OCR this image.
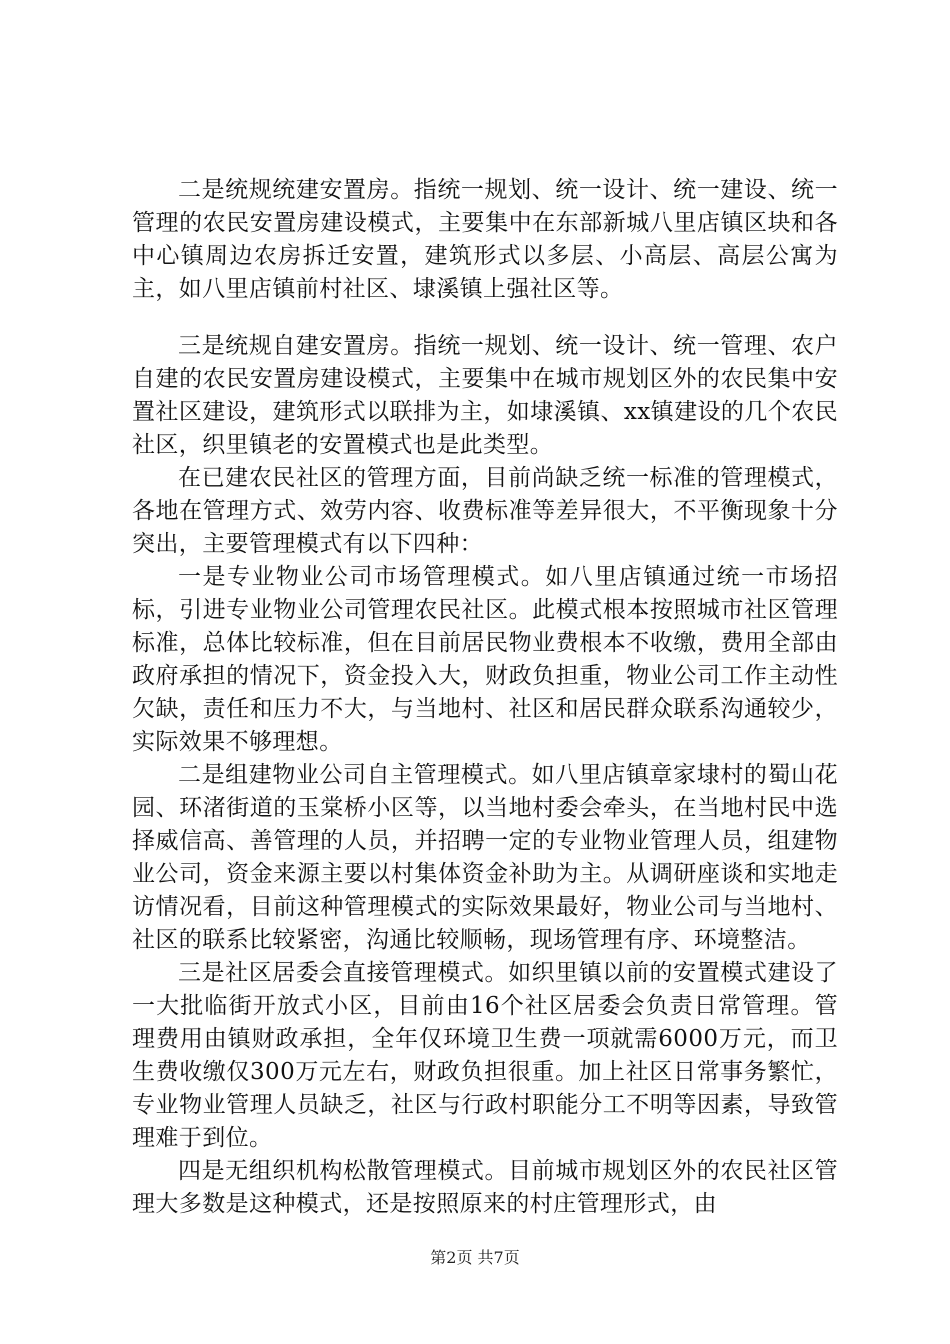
二是统规统建安置房。指统一规划、统一设计、统一建设、统一管理的农民安置房建设模式，主要集中在东部新城八里店镇区块和各中心镇周边农房拆迁安置，建筑形式以多层、小高层、高层公寓为主，如八里店镇前村社区、埭溪镇上强社区等。

三是统规自建安置房。指统一规划、统一设计、统一管理、农户自建的农民安置房建设模式，主要集中在城市规划区外的农民集中安置社区建设，建筑形式以联排为主，如埭溪镇、xx镇建设的几个农民社区，织里镇老的安置模式也是此类型。

在已建农民社区的管理方面，目前尚缺乏统一标准的管理模式，各地在管理方式、效劳内容、收费标准等差异很大，不平衡现象十分突出，主要管理模式有以下四种：

一是专业物业公司市场管理模式。如八里店镇通过统一市场招标，引进专业物业公司管理农民社区。此模式根本按照城市社区管理标准，总体比较标准，但在目前居民物业费根本不收缴，费用全部由政府承担的情况下，资金投入大，财政负担重，物业公司工作主动性欠缺，责任和压力不大，与当地村、社区和居民群众联系沟通较少，实际效果不够理想。

二是组建物业公司自主管理模式。如八里店镇章家埭村的蜀山花园、环渚街道的玉棠桥小区等，以当地村委会牵头，在当地村民中选择威信高、善管理的人员，并招聘一定的专业物业管理人员，组建物业公司，资金来源主要以村集体资金补助为主。从调研座谈和实地走访情况看，目前这种管理模式的实际效果最好，物业公司与当地村、社区的联系比较紧密，沟通比较顺畅，现场管理有序、环境整洁。

三是社区居委会直接管理模式。如织里镇以前的安置模式建设了一大批临街开放式小区，目前由16个社区居委会负责日常管理。管理费用由镇财政承担，全年仅环境卫生费一项就需6000万元，而卫生费收缴仅300万元左右，财政负担很重。加上社区日常事务繁忙，专业物业管理人员缺乏，社区与行政村职能分工不明等因素，导致管理难于到位。

四是无组织机构松散管理模式。目前城市规划区外的农民社区管理大多数是这种模式，还是按照原来的村庄管理形式，由

第2页 共7页
